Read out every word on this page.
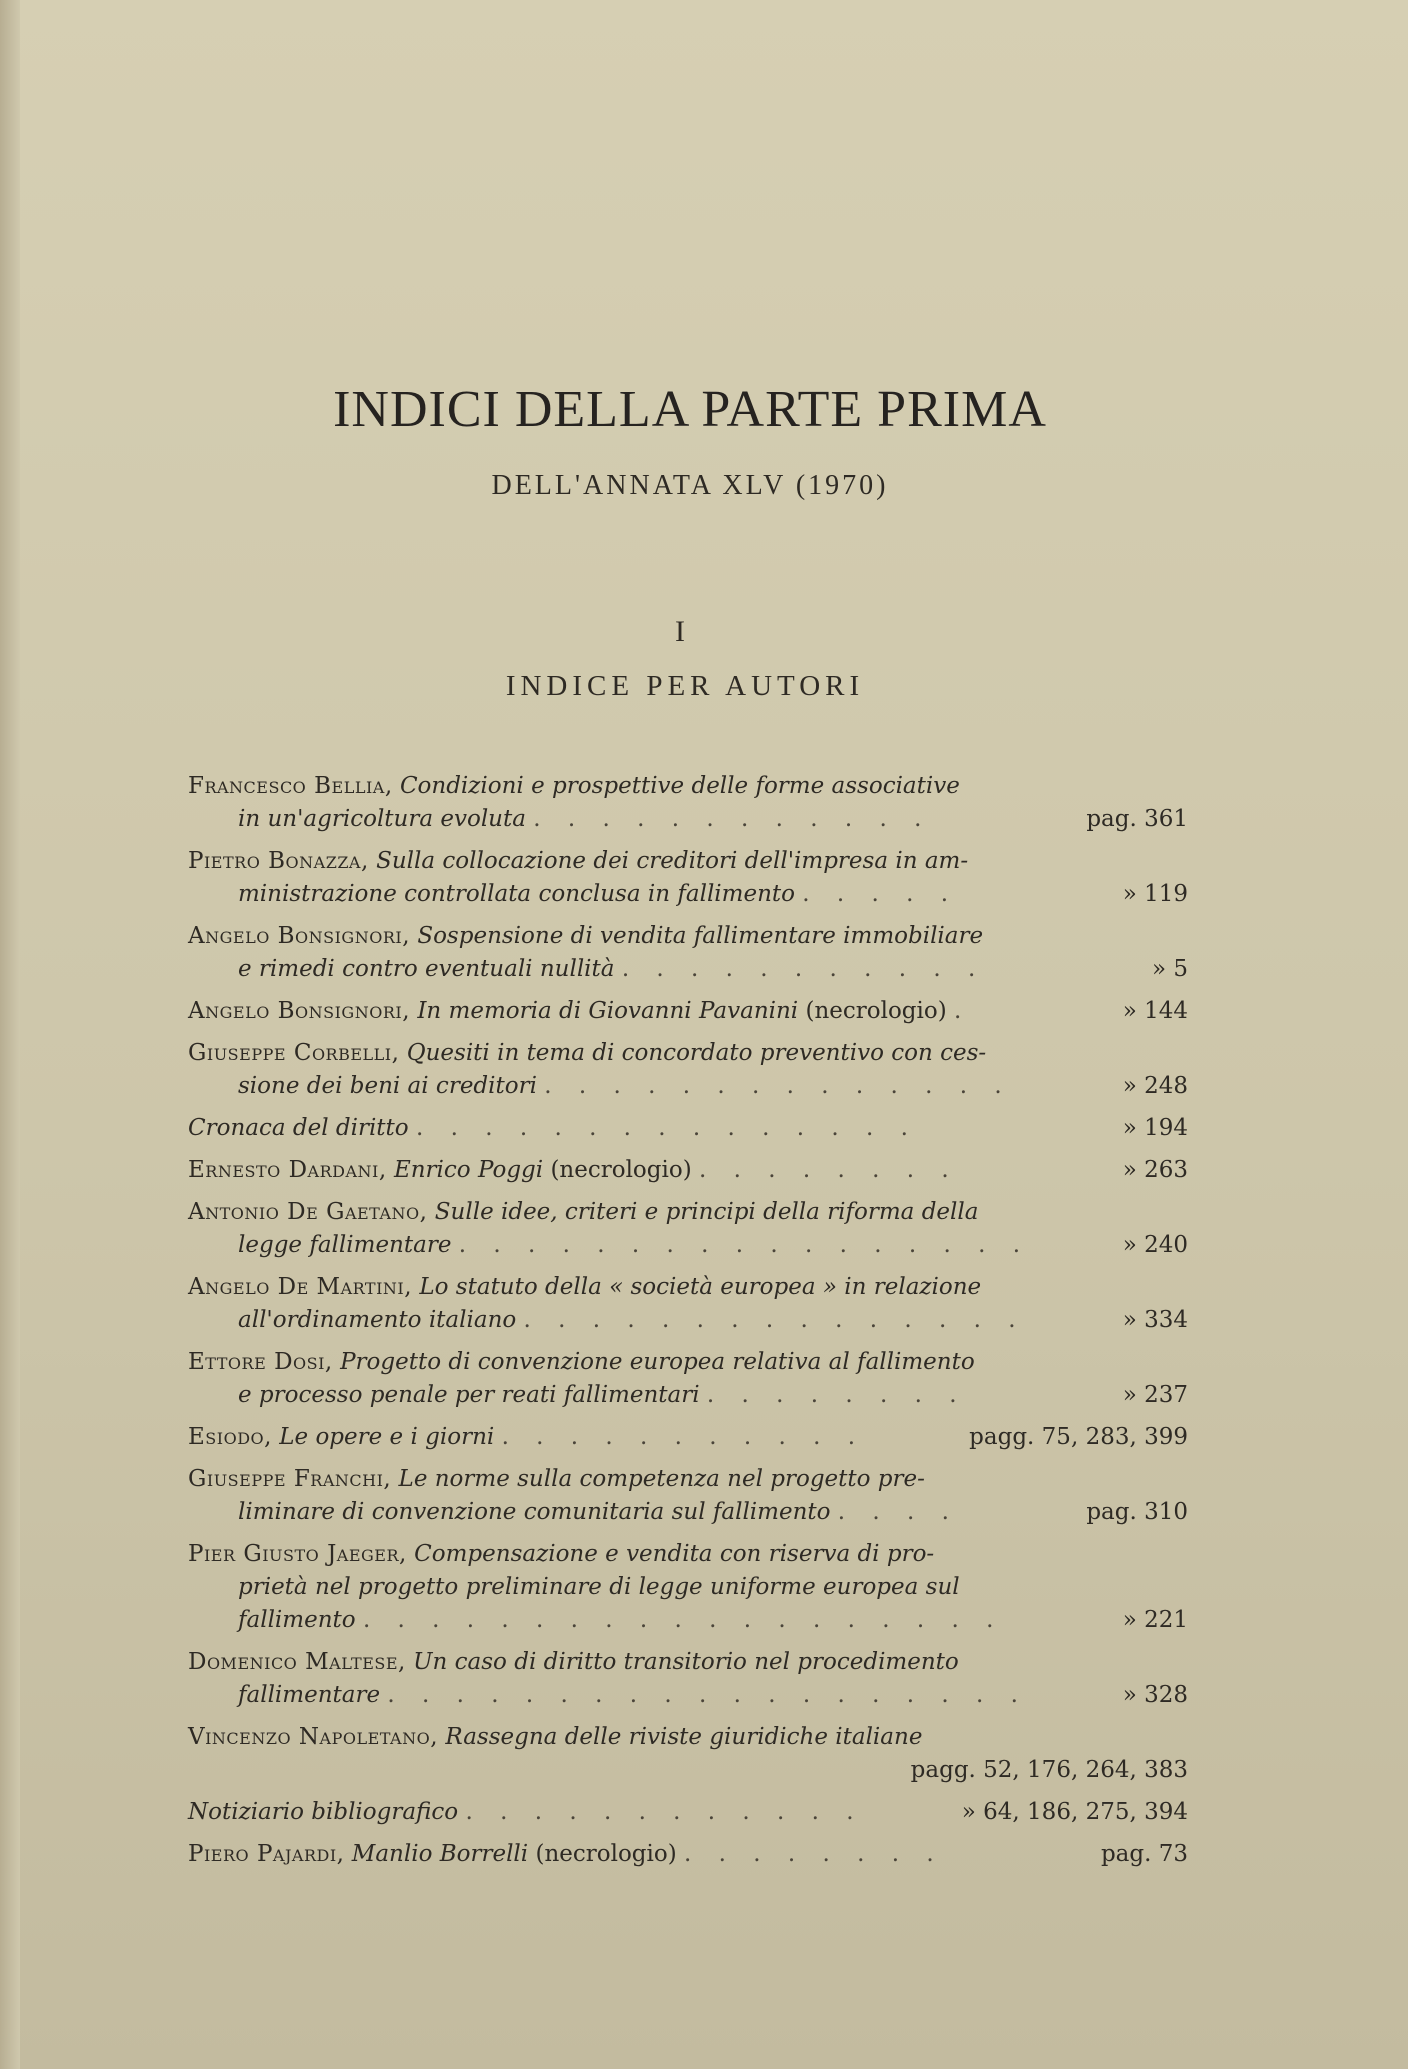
INDICI DELLA PARTE PRIMA
DELL'ANNATA XLV (1970)
I
INDICE PER AUTORI
Francesco Bellia, Condizioni e prospettive delle forme associative
in un'agricoltura evoluta . . . . . . . . . . . .	pag. 361
Pietro Bonazza, Sulla collocazione dei creditori dell'impresa in am-
ministrazione controllata conclusa in fallimento . . . . .	» 119
Angelo Bonsignori, Sospensione di vendita fallimentare immobiliare
e rimedi contro eventuali nullità . . . . . . . . . . .	» 5
Angelo Bonsignori, In memoria di Giovanni Pavanini (necrologio) .	» 144
Giuseppe Corbelli, Quesiti in tema di concordato preventivo con ces-
sione dei beni ai creditori . . . . . . . . . . . . . .	» 248
Cronaca del diritto . . . . . . . . . . . . . . .	» 194
Ernesto Dardani, Enrico Poggi (necrologio) . . . . . . . .	» 263
Antonio De Gaetano, Sulle idee, criteri e principi della riforma della
legge fallimentare . . . . . . . . . . . . . . . . .	» 240
Angelo De Martini, Lo statuto della « società europea » in relazione
all'ordinamento italiano . . . . . . . . . . . . . . .	» 334
Ettore Dosi, Progetto di convenzione europea relativa al fallimento
e processo penale per reati fallimentari . . . . . . . .	» 237
Esiodo, Le opere e i giorni . . . . . . . . . . .	pagg. 75, 283, 399
Giuseppe Franchi, Le norme sulla competenza nel progetto pre-
liminare di convenzione comunitaria sul fallimento . . . .	pag. 310
Pier Giusto Jaeger, Compensazione e vendita con riserva di pro-
prietà nel progetto preliminare di legge uniforme europea sul
fallimento . . . . . . . . . . . . . . . . . . .	» 221
Domenico Maltese, Un caso di diritto transitorio nel procedimento
fallimentare . . . . . . . . . . . . . . . . . . .	» 328
Vincenzo Napoletano, Rassegna delle riviste giuridiche italiane

pagg. 52, 176, 264, 383
Notiziario bibliografico . . . . . . . . . . . .	» 64, 186, 275, 394
Piero Pajardi, Manlio Borrelli (necrologio) . . . . . . . .	pag. 73
